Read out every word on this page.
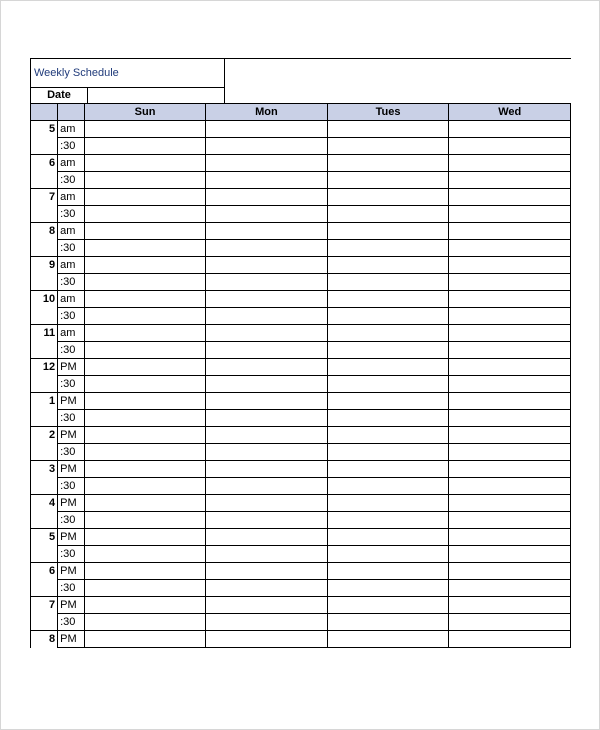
Weekly Schedule
Date
		Sun	Mon	Tues	Wed
5	am				
	:30				
6	am				
	:30				
7	am				
	:30				
8	am				
	:30				
9	am				
	:30				
10	am				
	:30				
11	am				
	:30				
12	PM				
	:30				
1	PM				
	:30				
2	PM				
	:30				
3	PM				
	:30				
4	PM				
	:30				
5	PM				
	:30				
6	PM				
	:30				
7	PM				
	:30				
8	PM				
